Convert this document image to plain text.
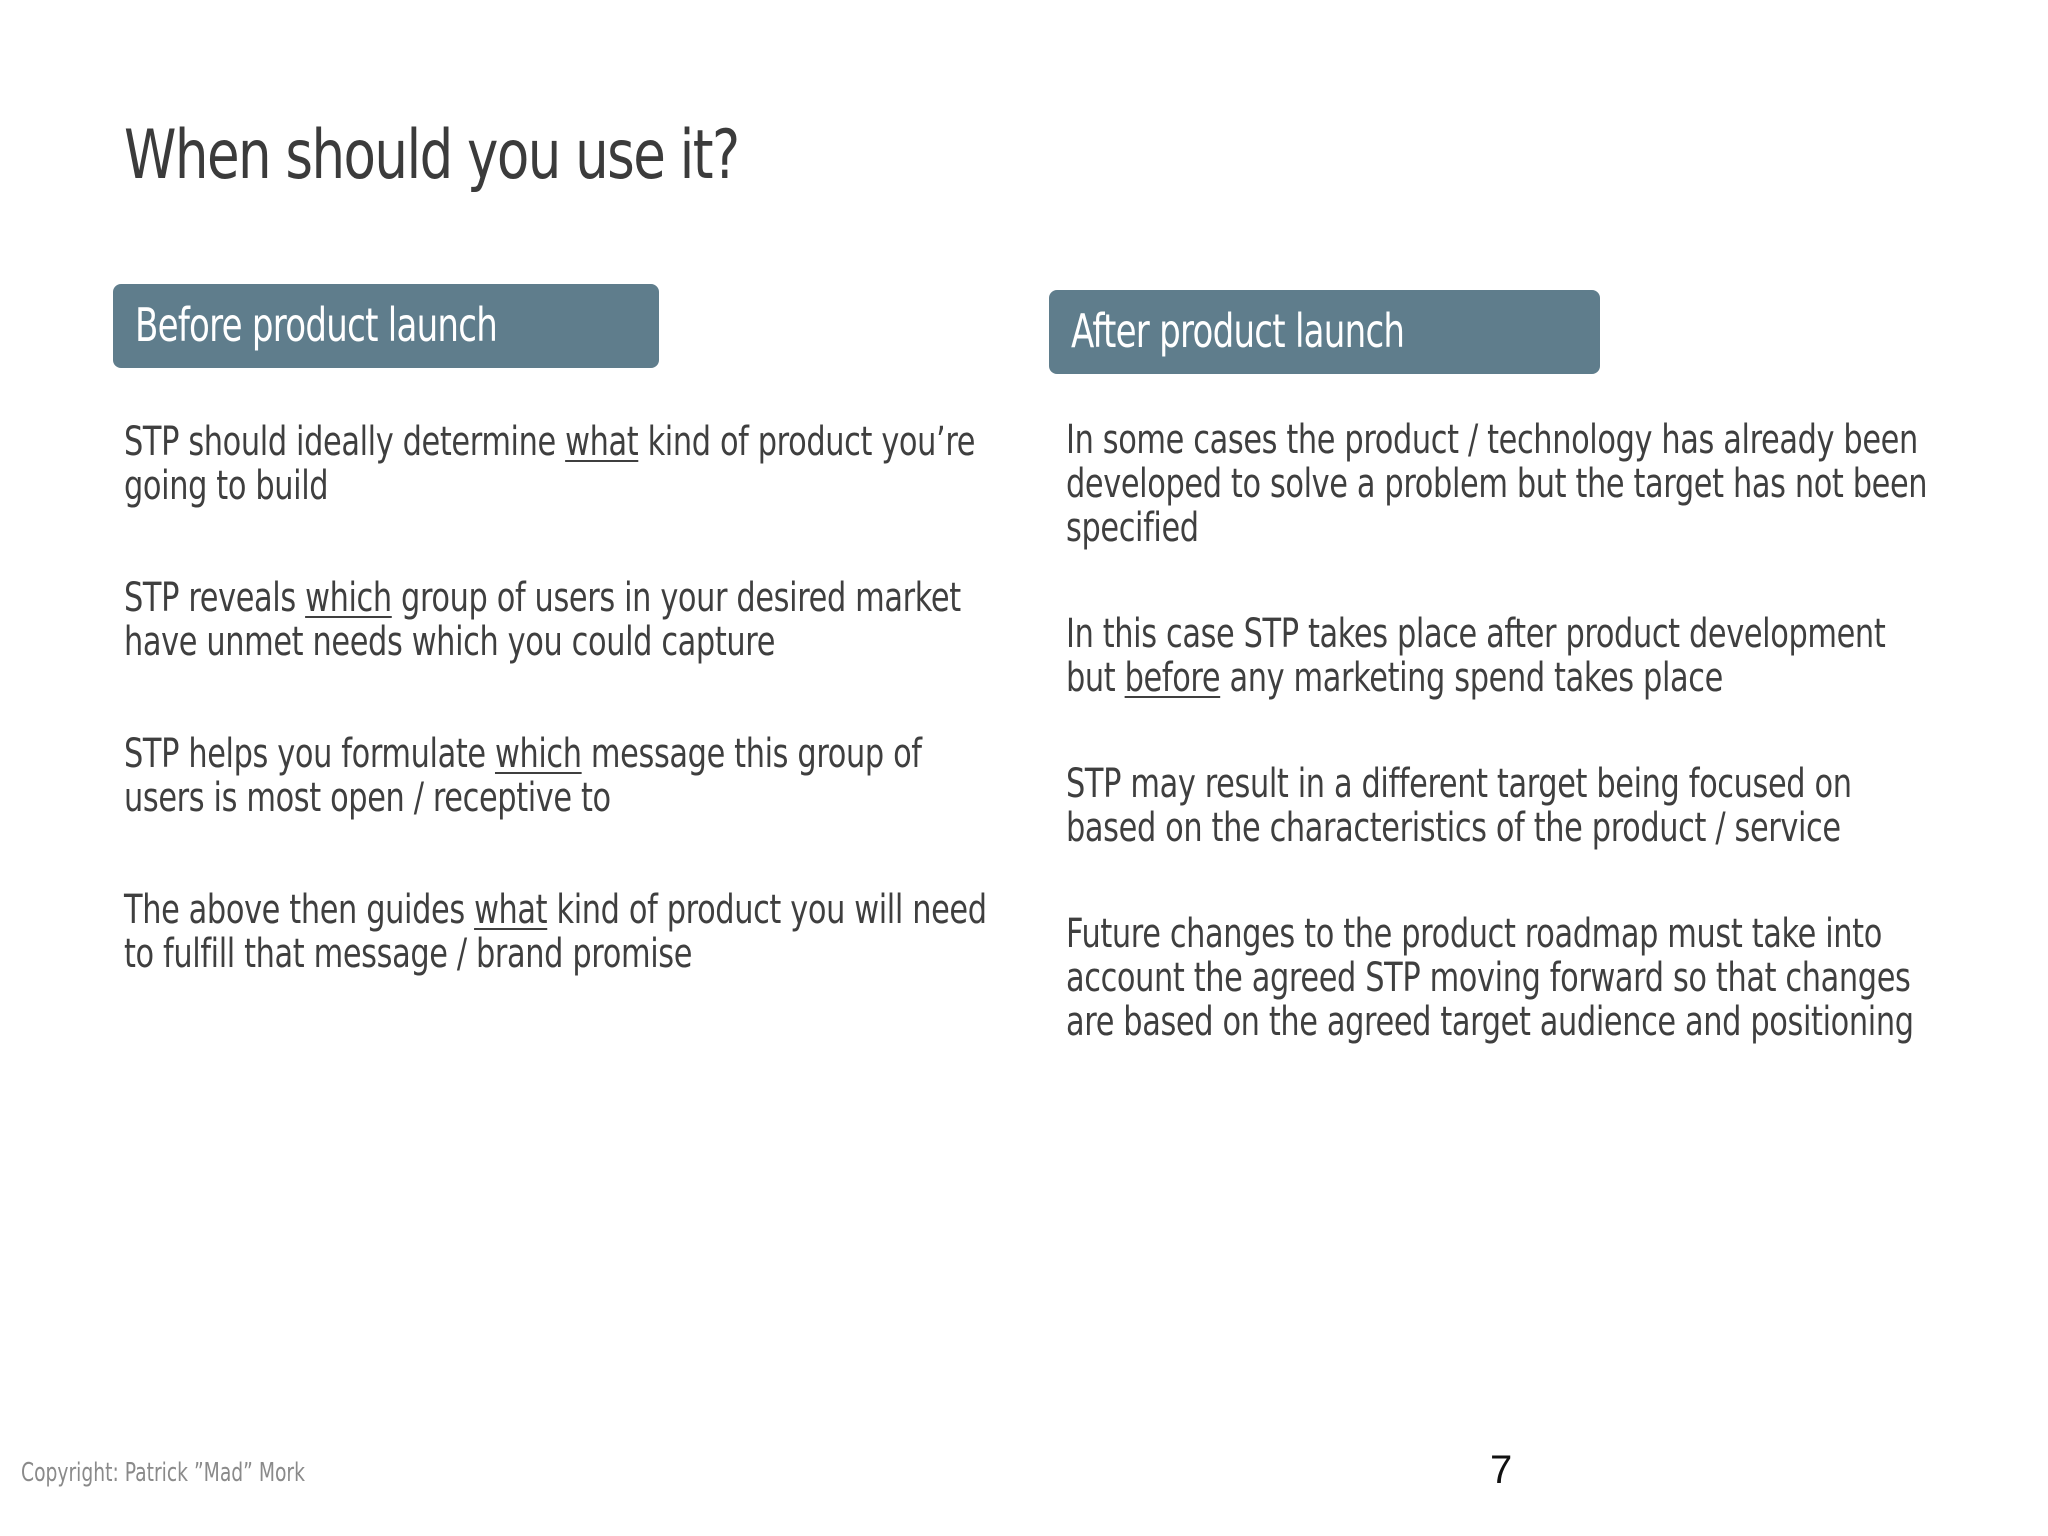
When should you use it?
Before product launch	After product launch

STP should ideally determine what kind of product you’re going to build

STP reveals which group of users in your desired market have unmet needs which you could capture

STP helps you formulate which message this group of users is most open / receptive to

The above then guides what kind of product you will need to fulfill that message / brand promise

In some cases the product / technology has already been developed to solve a problem but the target has not been specified

In this case STP takes place after product development but before any marketing spend takes place

STP may result in a different target being focused on based on the characteristics of the product / service

Future changes to the product roadmap must take into account the agreed STP moving forward so that changes are based on the agreed target audience and positioning

Copyright: Patrick ”Mad” Mork	7
